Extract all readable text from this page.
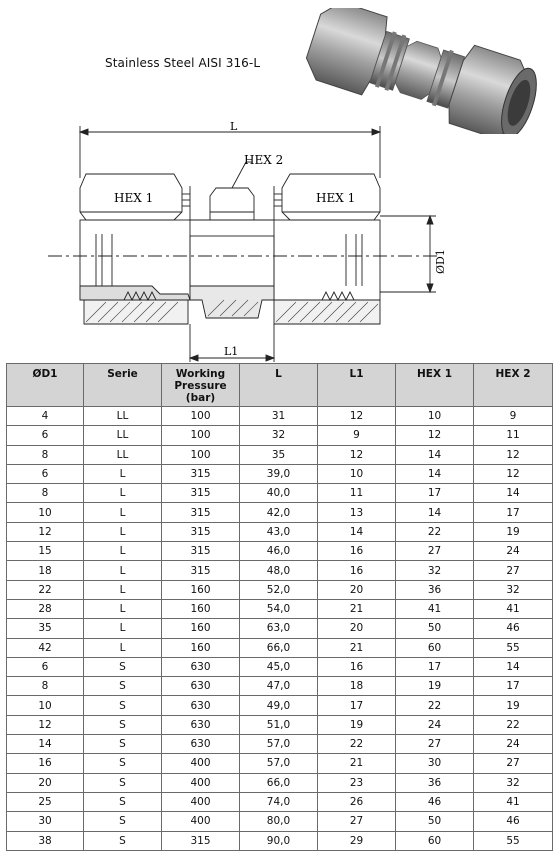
Stainless Steel AISI 316-L
L
HEX 2
HEX 1	HEX 1
ØD1
L1
ØD1	Serie	Working Pressure (bar)	L	L1	HEX 1	HEX 2
4	LL	100	31	12	10	9
6	LL	100	32	9	12	11
8	LL	100	35	12	14	12
6	L	315	39,0	10	14	12
8	L	315	40,0	11	17	14
10	L	315	42,0	13	14	17
12	L	315	43,0	14	22	19
15	L	315	46,0	16	27	24
18	L	315	48,0	16	32	27
22	L	160	52,0	20	36	32
28	L	160	54,0	21	41	41
35	L	160	63,0	20	50	46
42	L	160	66,0	21	60	55
6	S	630	45,0	16	17	14
8	S	630	47,0	18	19	17
10	S	630	49,0	17	22	19
12	S	630	51,0	19	24	22
14	S	630	57,0	22	27	24
16	S	400	57,0	21	30	27
20	S	400	66,0	23	36	32
25	S	400	74,0	26	46	41
30	S	400	80,0	27	50	46
38	S	315	90,0	29	60	55
